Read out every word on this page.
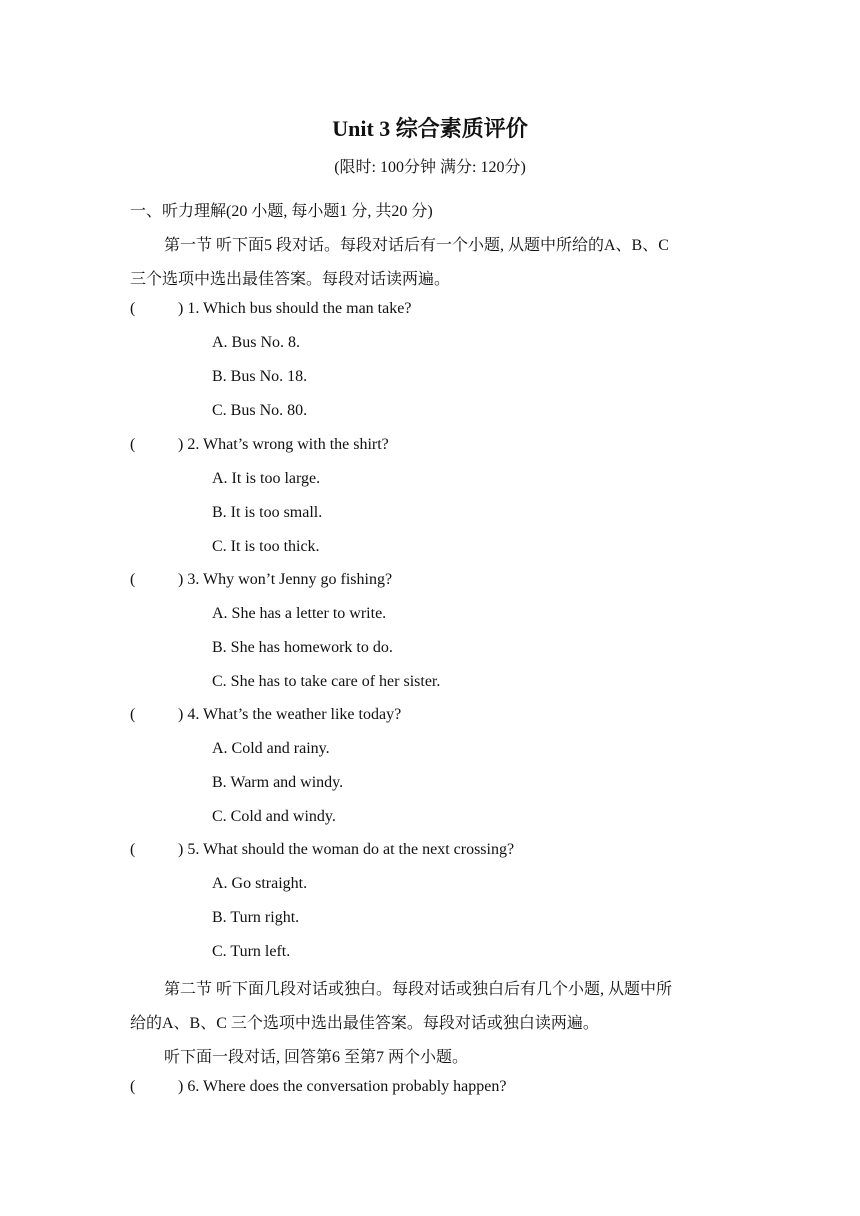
Unit 3 综合素质评价
(限时: 100分钟 满分: 120分)
一、听力理解(20 小题, 每小题1 分, 共20 分)
第一节 听下面5 段对话。每段对话后有一个小题, 从题中所给的A、B、C
三个选项中选出最佳答案。每段对话读两遍。
(	) 1. Which bus should the man take?
A. Bus No. 8.
B. Bus No. 18.
C. Bus No. 80.
(	) 2. What’s wrong with the shirt?
A. It is too large.
B. It is too small.
C. It is too thick.
(	) 3. Why won’t Jenny go fishing?
A. She has a letter to write.
B. She has homework to do.
C. She has to take care of her sister.
(	) 4. What’s the weather like today?
A. Cold and rainy.
B. Warm and windy.
C. Cold and windy.
(	) 5. What should the woman do at the next crossing?
A. Go straight.
B. Turn right.
C. Turn left.
第二节 听下面几段对话或独白。每段对话或独白后有几个小题, 从题中所
给的A、B、C 三个选项中选出最佳答案。每段对话或独白读两遍。
听下面一段对话, 回答第6 至第7 两个小题。
(	) 6. Where does the conversation probably happen?
